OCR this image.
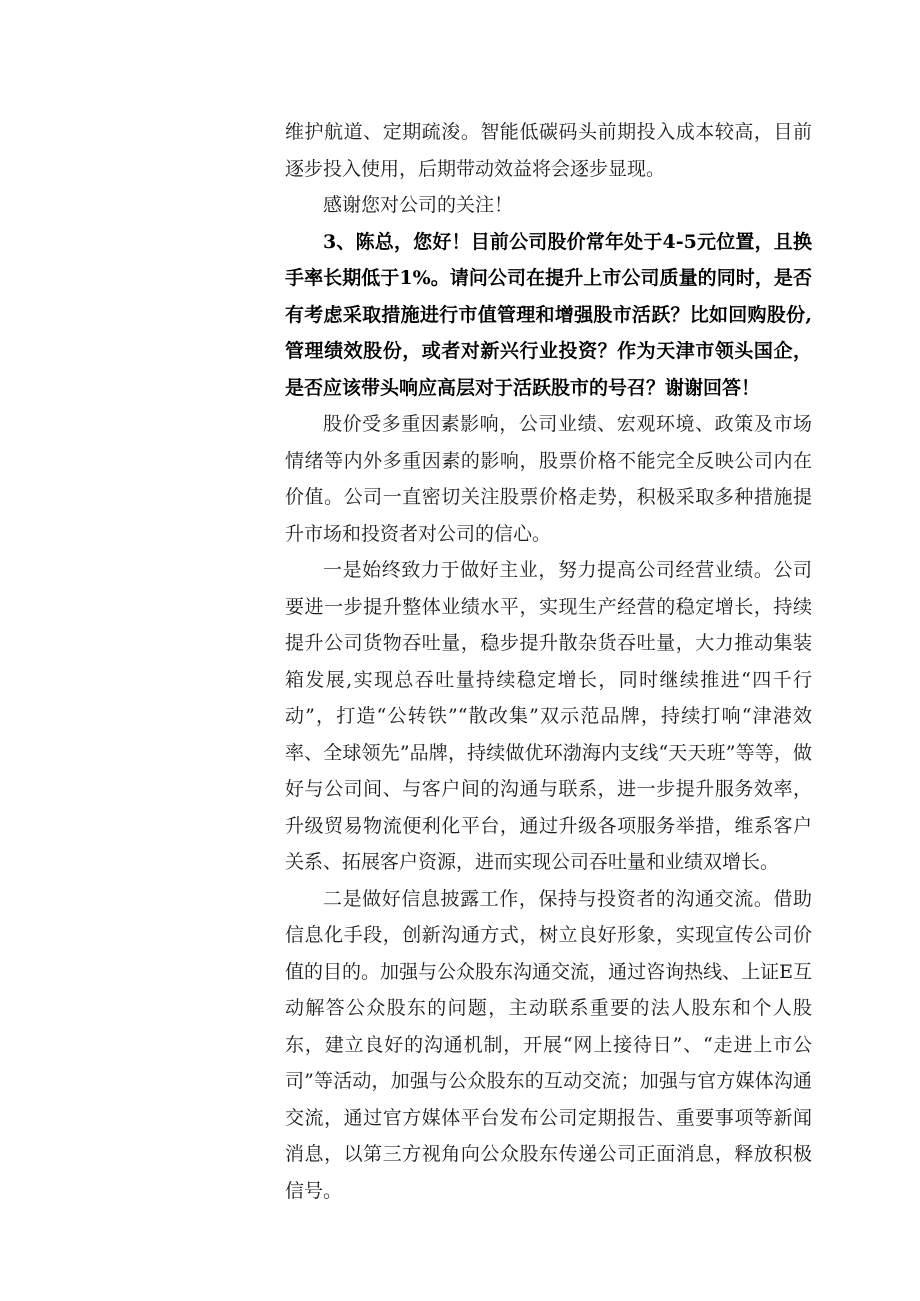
维护航道、定期疏浚。智能低碳码头前期投入成本较高，目前逐步投入使用，后期带动效益将会逐步显现。

感谢您对公司的关注！

3、陈总，您好！目前公司股价常年处于4-5元位置，且换手率长期低于1%。请问公司在提升上市公司质量的同时，是否有考虑采取措施进行市值管理和增强股市活跃？比如回购股份,管理绩效股份，或者对新兴行业投资？作为天津市领头国企，是否应该带头响应高层对于活跃股市的号召？谢谢回答！

股价受多重因素影响，公司业绩、宏观环境、政策及市场情绪等内外多重因素的影响，股票价格不能完全反映公司内在价值。公司一直密切关注股票价格走势，积极采取多种措施提升市场和投资者对公司的信心。

一是始终致力于做好主业，努力提高公司经营业绩。公司要进一步提升整体业绩水平，实现生产经营的稳定增长，持续提升公司货物吞吐量，稳步提升散杂货吞吐量，大力推动集装箱发展,实现总吞吐量持续稳定增长，同时继续推进“四千行动”，打造“公转铁”“散改集”双示范品牌，持续打响“津港效率、全球领先”品牌，持续做优环渤海内支线“天天班”等等，做好与公司间、与客户间的沟通与联系，进一步提升服务效率，升级贸易物流便利化平台，通过升级各项服务举措，维系客户关系、拓展客户资源，进而实现公司吞吐量和业绩双增长。

二是做好信息披露工作，保持与投资者的沟通交流。借助信息化手段，创新沟通方式，树立良好形象，实现宣传公司价值的目的。加强与公众股东沟通交流，通过咨询热线、上证E互动解答公众股东的问题，主动联系重要的法人股东和个人股东，建立良好的沟通机制，开展“网上接待日”、“走进上市公司”等活动，加强与公众股东的互动交流；加强与官方媒体沟通交流，通过官方媒体平台发布公司定期报告、重要事项等新闻消息，以第三方视角向公众股东传递公司正面消息，释放积极信号。
